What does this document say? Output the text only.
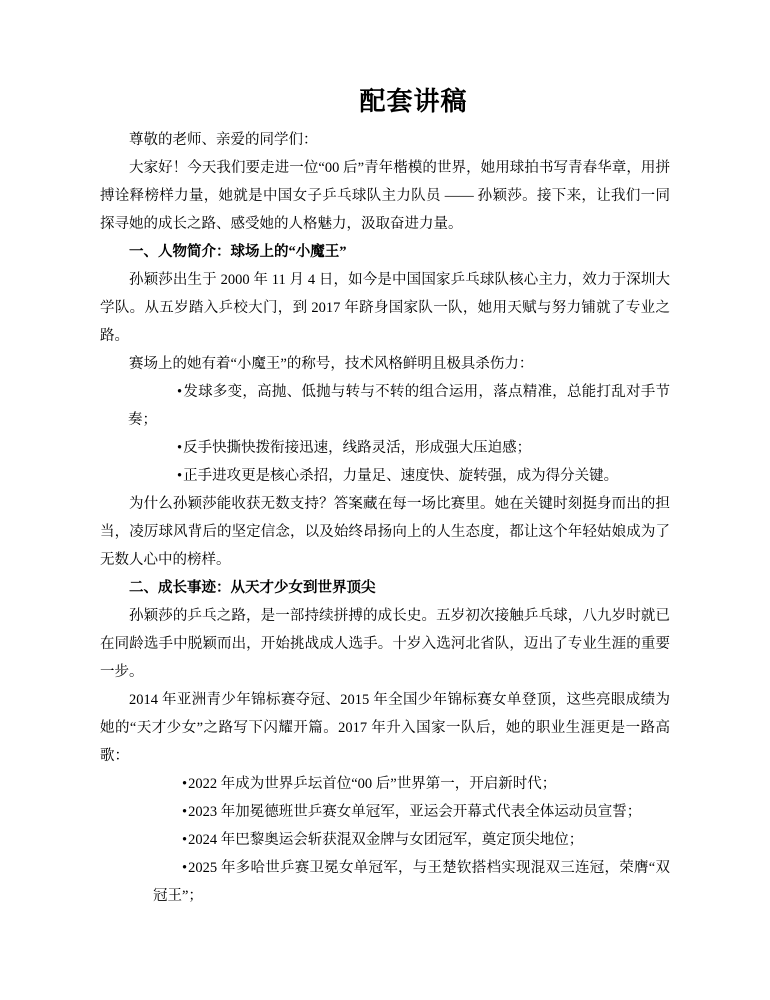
配套讲稿

尊敬的老师、亲爱的同学们：

大家好！今天我们要走进一位“00 后”青年楷模的世界，她用球拍书写青春华章，用拼搏诠释榜样力量，她就是中国女子乒乓球队主力队员 —— 孙颖莎。接下来，让我们一同探寻她的成长之路、感受她的人格魅力，汲取奋进力量。

一、人物简介：球场上的“小魔王”

孙颖莎出生于 2000 年 11 月 4 日，如今是中国国家乒乓球队核心主力，效力于深圳大学队。从五岁踏入乒校大门，到 2017 年跻身国家队一队，她用天赋与努力铺就了专业之路。

赛场上的她有着“小魔王”的称号，技术风格鲜明且极具杀伤力：

•发球多变，高抛、低抛与转与不转的组合运用，落点精准，总能打乱对手节奏；
•反手快撕快拨衔接迅速，线路灵活，形成强大压迫感；
•正手进攻更是核心杀招，力量足、速度快、旋转强，成为得分关键。

为什么孙颖莎能收获无数支持？答案藏在每一场比赛里。她在关键时刻挺身而出的担当，凌厉球风背后的坚定信念，以及始终昂扬向上的人生态度，都让这个年轻姑娘成为了无数人心中的榜样。

二、成长事迹：从天才少女到世界顶尖

孙颖莎的乒乓之路，是一部持续拼搏的成长史。五岁初次接触乒乓球，八九岁时就已在同龄选手中脱颖而出，开始挑战成人选手。十岁入选河北省队，迈出了专业生涯的重要一步。

2014 年亚洲青少年锦标赛夺冠、2015 年全国少年锦标赛女单登顶，这些亮眼成绩为她的“天才少女”之路写下闪耀开篇。2017 年升入国家一队后，她的职业生涯更是一路高歌：

•2022 年成为世界乒坛首位“00 后”世界第一，开启新时代；
•2023 年加冕德班世乒赛女单冠军，亚运会开幕式代表全体运动员宣誓；
•2024 年巴黎奥运会斩获混双金牌与女团冠军，奠定顶尖地位；
•2025 年多哈世乒赛卫冕女单冠军，与王楚钦搭档实现混双三连冠，荣膺“双冠王”；
